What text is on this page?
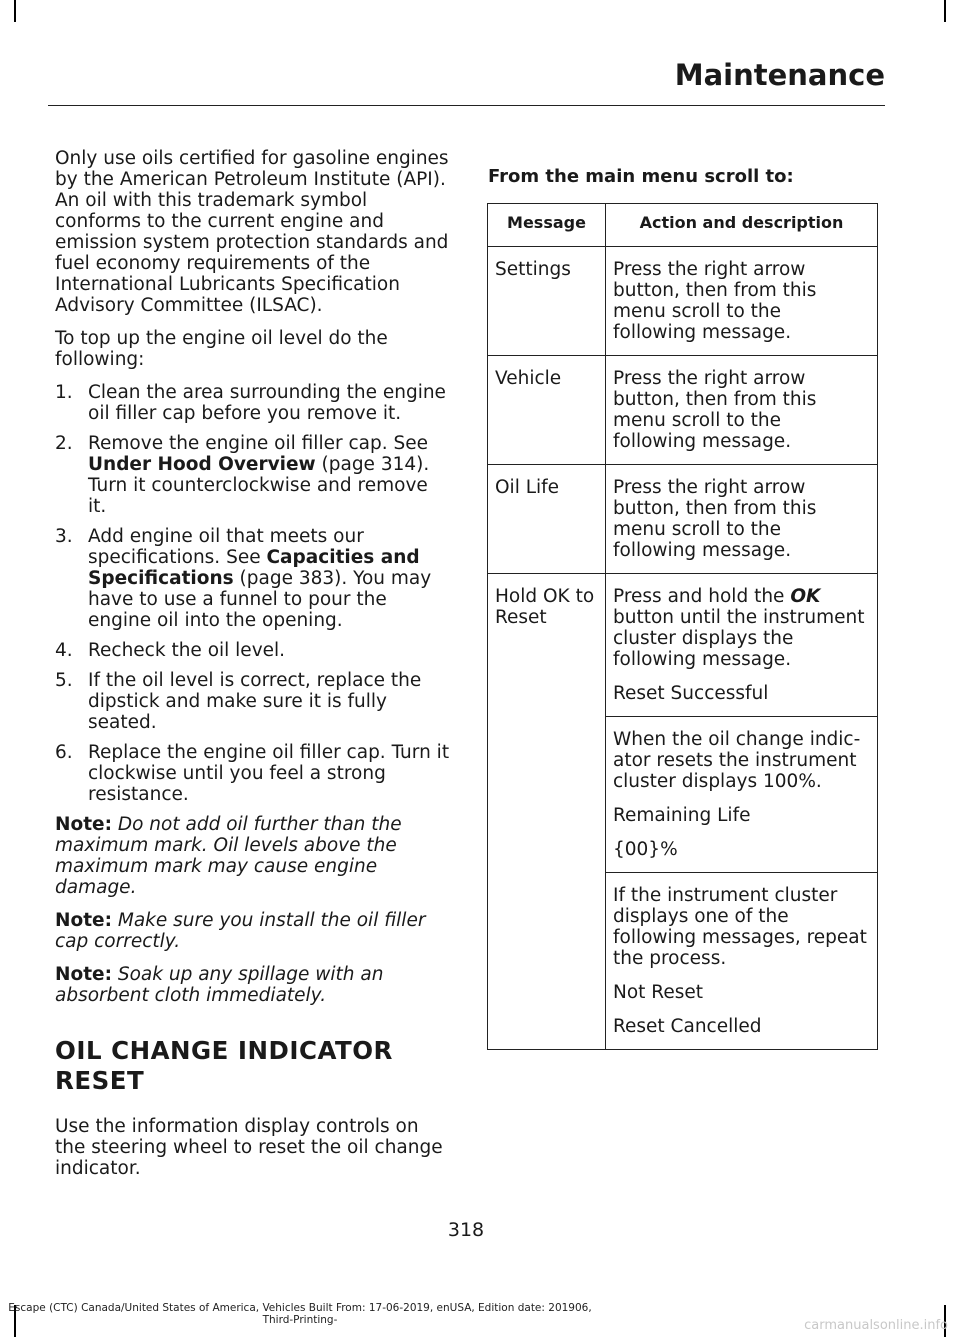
Maintenance

Only use oils certified for gasoline engines by the American Petroleum Institute (API). An oil with this trademark symbol conforms to the current engine and emission system protection standards and fuel economy requirements of the International Lubricants Specification Advisory Committee (ILSAC).

To top up the engine oil level do the following:

1. Clean the area surrounding the engine oil filler cap before you remove it.
2. Remove the engine oil filler cap. See Under Hood Overview (page 314). Turn it counterclockwise and remove it.
3. Add engine oil that meets our specifications. See Capacities and Specifications (page 383). You may have to use a funnel to pour the engine oil into the opening.
4. Recheck the oil level.
5. If the oil level is correct, replace the dipstick and make sure it is fully seated.
6. Replace the engine oil filler cap. Turn it clockwise until you feel a strong resistance.
Note: Do not add oil further than the maximum mark. Oil levels above the maximum mark may cause engine damage.
Note: Make sure you install the oil filler cap correctly.
Note: Soak up any spillage with an absorbent cloth immediately.
OIL CHANGE INDICATOR
RESET

Use the information display controls on the steering wheel to reset the oil change indicator.

From the main menu scroll to:
Message	Action and description
Settings	Press the right arrow button, then from this menu scroll to the following message.
Vehicle	Press the right arrow button, then from this menu scroll to the following message.
Oil Life	Press the right arrow button, then from this menu scroll to the following message.
Hold OK to Reset	Press and hold the OK button until the instrument cluster displays the following message.

Reset Successful

	When the oil change indic-ator resets the instrument cluster displays 100%.

Remaining Life

{00}%

	If the instrument cluster displays one of the following messages, repeat the process.

Not Reset

Reset Cancelled

318
Escape (CTC) Canada/United States of America, Vehicles Built From: 17-06-2019, enUSA, Edition date: 201906, Third-Printing-	carmanualsonline.info
